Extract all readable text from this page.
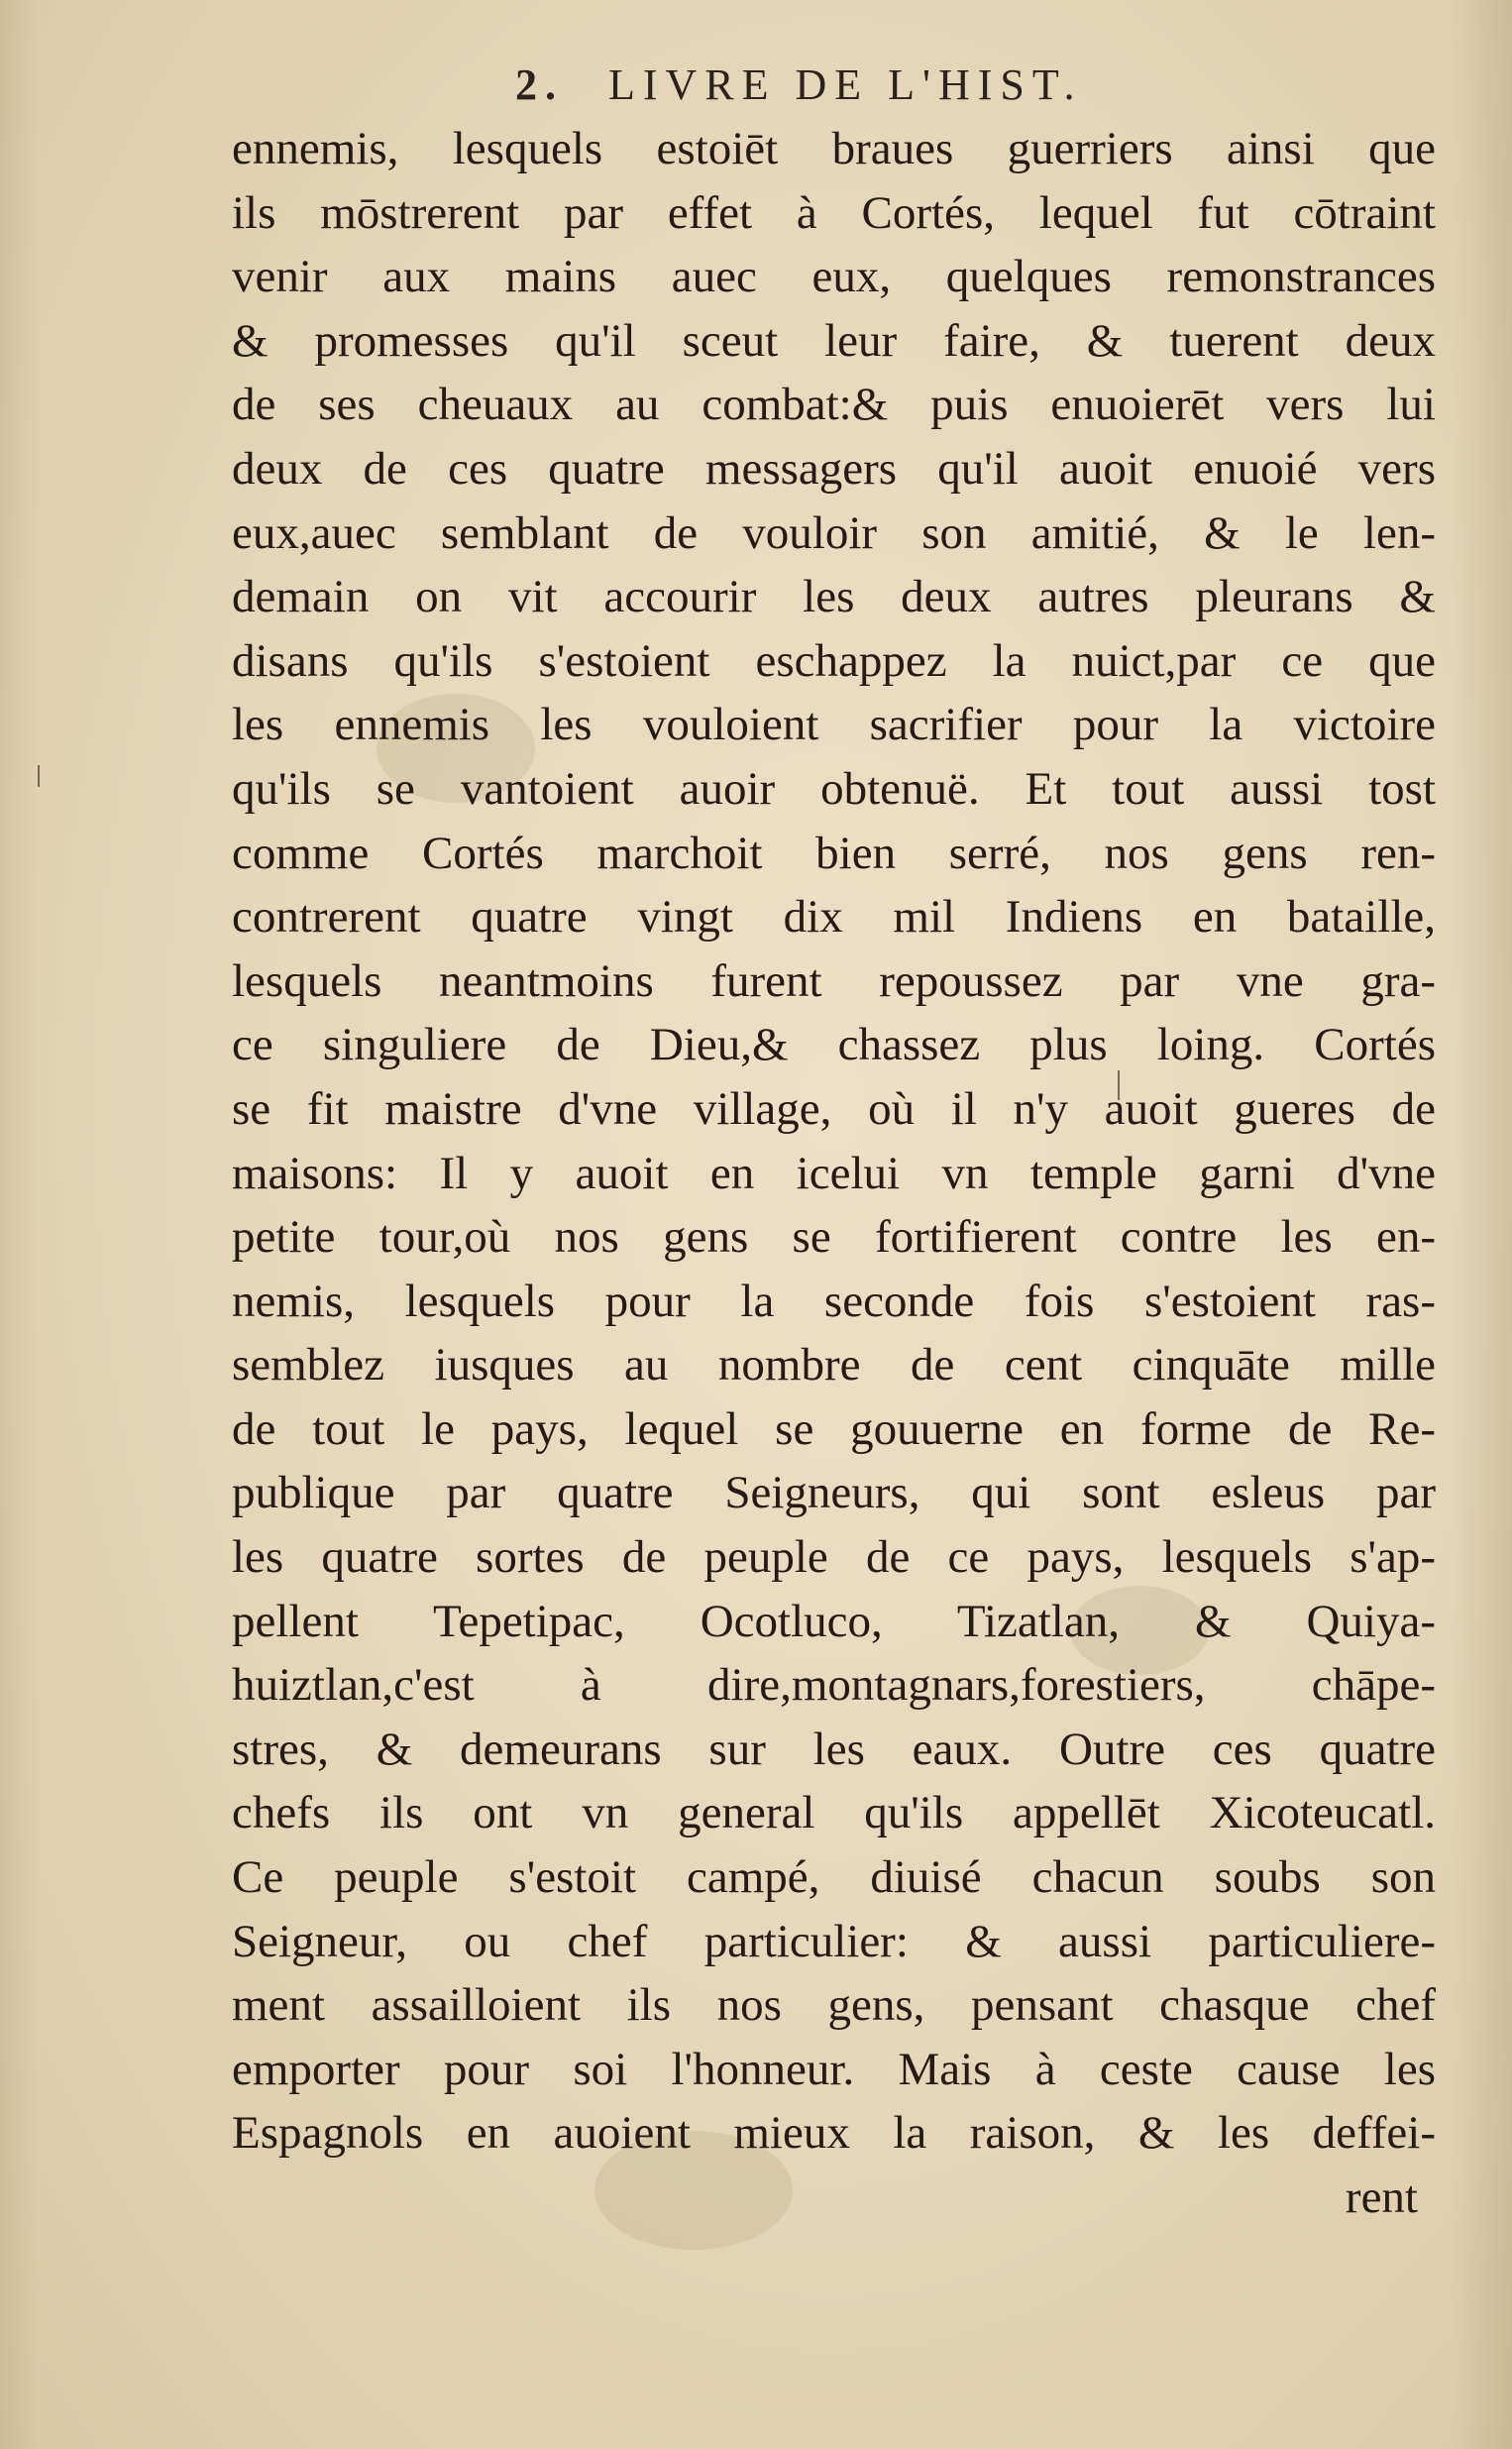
2. LIVRE DE L'HIST.
ennemis, lesquels estoiēt braues guerriers ainsi que
ils mōstrerent par effet à Cortés, lequel fut cōtraint
venir aux mains auec eux, quelques remonstrances
& promesses qu'il sceut leur faire, & tuerent deux
de ses cheuaux au combat:& puis enuoierēt vers lui
deux de ces quatre messagers qu'il auoit enuoié vers
eux,auec semblant de vouloir son amitié, & le len-
demain on vit accourir les deux autres pleurans &
disans qu'ils s'estoient eschappez la nuict,par ce que
les ennemis les vouloient sacrifier pour la victoire
qu'ils se vantoient auoir obtenuë. Et tout aussi tost
comme Cortés marchoit bien serré, nos gens ren-
contrerent quatre vingt dix mil Indiens en bataille,
lesquels neantmoins furent repoussez par vne gra-
ce singuliere de Dieu,& chassez plus loing. Cortés
se fit maistre d'vne village, où il n'y auoit gueres de
maisons: Il y auoit en icelui vn temple garni d'vne
petite tour,où nos gens se fortifierent contre les en-
nemis, lesquels pour la seconde fois s'estoient ras-
semblez iusques au nombre de cent cinquāte mille
de tout le pays, lequel se gouuerne en forme de Re-
publique par quatre Seigneurs, qui sont esleus par
les quatre sortes de peuple de ce pays, lesquels s'ap-
pellent Tepetipac, Ocotluco, Tizatlan, & Quiya-
huiztlan,c'est à dire,montagnars,forestiers, chāpe-
stres, & demeurans sur les eaux. Outre ces quatre
chefs ils ont vn general qu'ils appellēt Xicoteucatl.
Ce peuple s'estoit campé, diuisé chacun soubs son
Seigneur, ou chef particulier: & aussi particuliere-
ment assailloient ils nos gens, pensant chasque chef
emporter pour soi l'honneur. Mais à ceste cause les
Espagnols en auoient mieux la raison, & les deffei-
rent
